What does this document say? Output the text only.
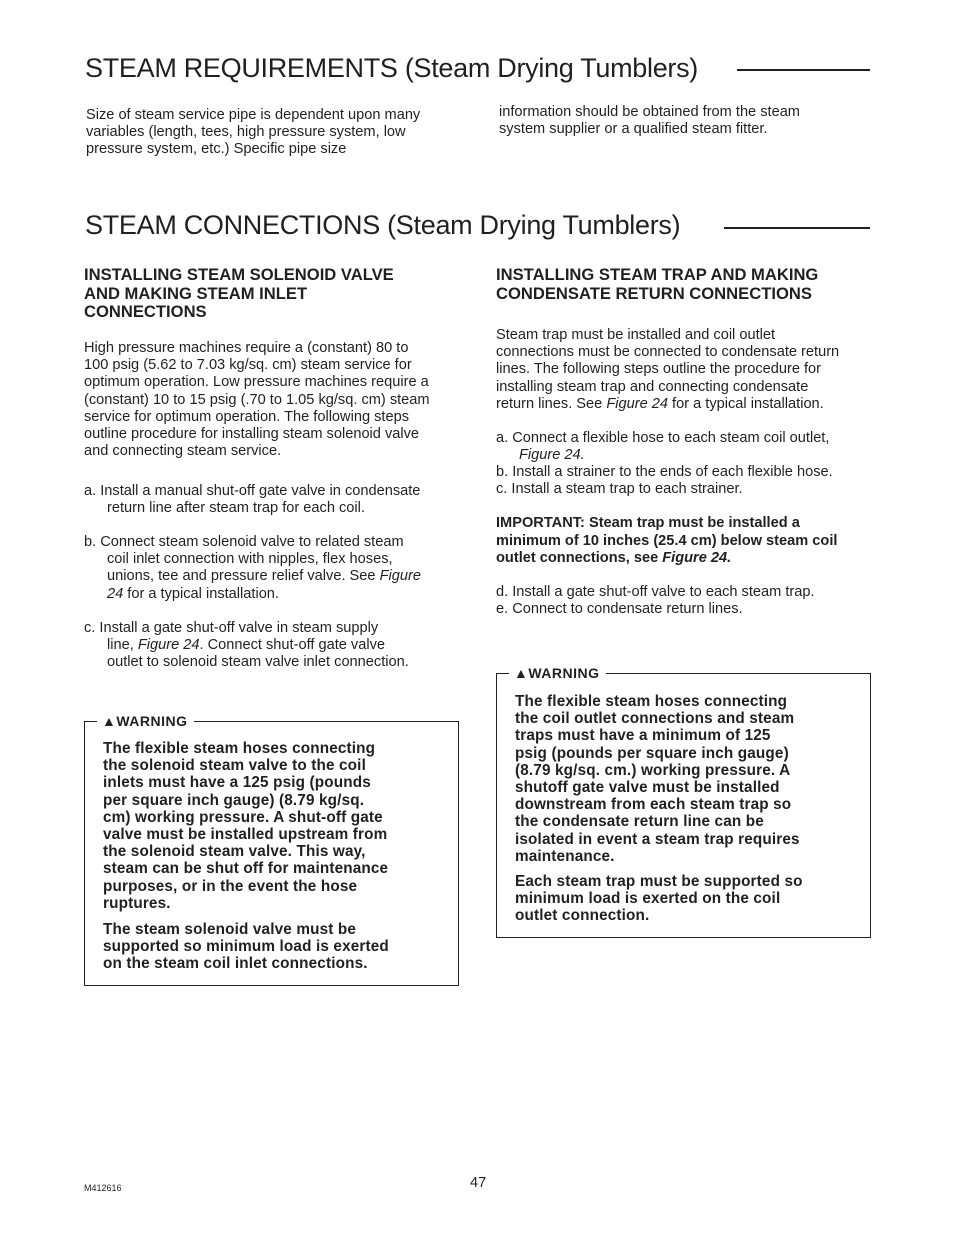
STEAM REQUIREMENTS (Steam Drying Tumblers)
Size of steam service pipe is dependent upon many
variables (length, tees, high pressure system, low
pressure system, etc.) Specific pipe size
information should be obtained from the steam
system supplier or a qualified steam fitter.
STEAM CONNECTIONS (Steam Drying Tumblers)
INSTALLING STEAM SOLENOID VALVE
AND MAKING STEAM INLET
CONNECTIONS
High pressure machines require a (constant) 80 to
100 psig (5.62 to 7.03 kg/sq. cm) steam service for
optimum operation. Low pressure machines require a
(constant) 10 to 15 psig (.70 to 1.05 kg/sq. cm) steam
service for optimum operation. The following steps
outline procedure for installing steam solenoid valve
and connecting steam service.
a. Install a manual shut-off gate valve in condensate
return line after steam trap for each coil.
b. Connect steam solenoid valve to related steam
coil inlet connection with nipples, flex hoses,
unions, tee and pressure relief valve. See Figure
24 for a typical installation.
c. Install a gate shut-off valve in steam supply
line, Figure 24. Connect shut-off gate valve
outlet to solenoid steam valve inlet connection.
▲WARNING
The flexible steam hoses connecting
the solenoid steam valve to the coil
inlets must have a 125 psig (pounds
per square inch gauge) (8.79 kg/sq.
cm) working pressure. A shut-off gate
valve must be installed upstream from
the solenoid steam valve. This way,
steam can be shut off for maintenance
purposes, or in the event the hose
ruptures.
The steam solenoid valve must be
supported so minimum load is exerted
on the steam coil inlet connections.
INSTALLING STEAM TRAP AND MAKING
CONDENSATE RETURN CONNECTIONS
Steam trap must be installed and coil outlet
connections must be connected to condensate return
lines. The following steps outline the procedure for
installing steam trap and connecting condensate
return lines. See Figure 24 for a typical installation.
a. Connect a flexible hose to each steam coil outlet,
Figure 24.
b. Install a strainer to the ends of each flexible hose.
c. Install a steam trap to each strainer.
IMPORTANT: Steam trap must be installed a
minimum of 10 inches (25.4 cm) below steam coil
outlet connections, see Figure 24.
d. Install a gate shut-off valve to each steam trap.
e. Connect to condensate return lines.
▲WARNING
The flexible steam hoses connecting
the coil outlet connections and steam
traps must have a minimum of 125
psig (pounds per square inch gauge)
(8.79 kg/sq. cm.) working pressure. A
shutoff gate valve must be installed
downstream from each steam trap so
the condensate return line can be
isolated in event a steam trap requires
maintenance.
Each steam trap must be supported so
minimum load is exerted on the coil
outlet connection.
M412616	47
